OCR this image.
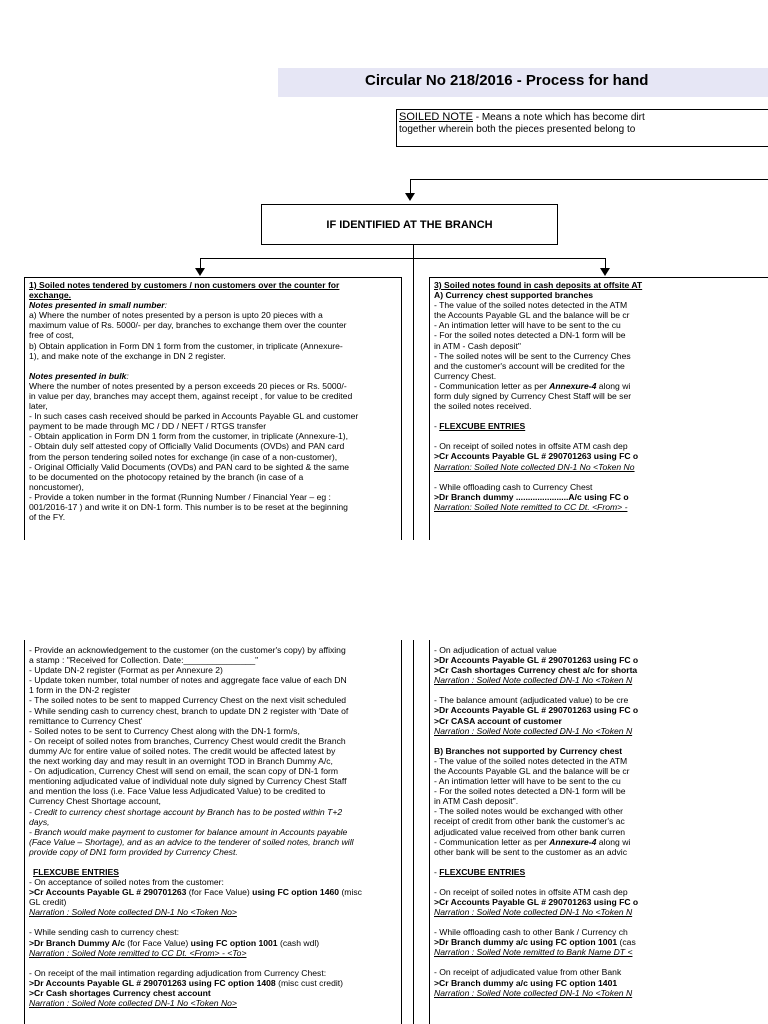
Circular No 218/2016 - Process for hand
SOILED NOTE - Means a note which has become dirt
together wherein both the pieces presented belong to
IF IDENTIFIED AT THE BRANCH

1) Soiled notes tendered by customers / non customers over the counter for

exchange.

Notes presented in small number:

a) Where the number of notes presented by a person is upto 20 pieces with a

maximum value of Rs. 5000/- per day, branches to exchange them over the counter

free of cost,

b) Obtain application in Form DN 1 form from the customer, in triplicate (Annexure-

1), and make note of the exchange in DN 2 register.

Notes presented in bulk:

Where the number of notes presented by a person exceeds 20 pieces or Rs. 5000/-

in value per day, branches may accept them, against receipt , for value to be credited

later,

- In such cases cash received should be parked in Accounts Payable GL and customer

payment to be made through MC / DD / NEFT / RTGS transfer

- Obtain application in Form DN 1 form from the customer, in triplicate (Annexure-1),

- Obtain duly self attested copy of Officially Valid Documents (OVDs) and PAN card

from the person tendering soiled notes for exchange (in case of a non-customer),

- Original Officially Valid Documents (OVDs) and PAN card to be sighted & the same

to be documented on the photocopy retained by the branch (in case of a

noncustomer),

- Provide a token number in the format (Running Number / Financial Year – eg :

001/2016-17 ) and write it on DN-1 form. This number is to be reset at the beginning

of the FY.

3) Soiled notes found in cash deposits at offsite AT

A) Currency chest supported branches

- The value of the soiled notes detected in the ATM

the Accounts Payable GL and the balance will be cr

- An intimation letter will have to be sent to the cu

- For the soiled notes detected a DN-1 form will be

in ATM - Cash deposit"

- The soiled notes will be sent to the Currency Ches

and the customer's account will be credited for the

Currency Chest.

- Communication letter as per Annexure-4 along wi

form duly signed by Currency Chest Staff will be ser

the soiled notes received.

- FLEXCUBE ENTRIES

- On receipt of soiled notes in offsite ATM cash dep

>Cr Accounts Payable GL # 290701263 using FC o

Narration: Soiled Note collected DN-1 No <Token No

- While offloading cash to Currency Chest

>Dr Branch dummy ......................A/c using FC o

Narration: Soiled Note remitted to CC Dt. <From> -

- Provide an acknowledgement to the customer (on the customer's copy) by affixing

a stamp : "Received for Collection. Date:_______________"

- Update DN-2 register (Format as per Annexure 2)

- Update token number, total number of notes and aggregate face value of each DN

1 form in the DN-2 register

- The soiled notes to be sent to mapped Currency Chest on the next visit scheduled

- While sending cash to currency chest, branch to update DN 2 register with 'Date of

remittance to Currency Chest'

- Soiled notes to be sent to Currency Chest along with the DN-1 form/s,

- On receipt of soiled notes from branches, Currency Chest would credit the Branch

dummy A/c for entire value of soiled notes. The credit would be affected latest by

the next working day and may result in an overnight TOD in Branch Dummy A/c,

- On adjudication, Currency Chest will send on email, the scan copy of DN-1 form

mentioning adjudicated value of individual note duly signed by Currency Chest Staff

and mention the loss (i.e. Face Value less Adjudicated Value) to be credited to

Currency Chest Shortage account,

- Credit to currency chest shortage account by Branch has to be posted within T+2

days,

- Branch would make payment to customer for balance amount in Accounts payable

(Face Value – Shortage), and as an advice to the tenderer of soiled notes, branch will

provide copy of DN1 form provided by Currency Chest.

FLEXCUBE ENTRIES

- On acceptance of soiled notes from the customer:

>Cr Accounts Payable GL # 290701263 (for Face Value) using FC option 1460 (misc

GL credit)

Narration : Soiled Note collected DN-1 No <Token No>

- While sending cash to currency chest:

>Dr Branch Dummy A/c (for Face Value) using FC option 1001 (cash wdl)

Narration : Soiled Note remitted to CC Dt. <From> - <To>

- On receipt of the mail intimation regarding adjudication from Currency Chest:

>Dr Accounts Payable GL # 290701263 using FC option 1408 (misc cust credit)

>Cr Cash shortages Currency chest account

Narration : Soiled Note collected DN-1 No <Token No>

- On adjudication of actual value

>Dr Accounts Payable GL # 290701263 using FC o

>Cr Cash shortages Currency chest a/c for shorta

Narration : Soiled Note collected DN-1 No <Token N

- The balance amount (adjudicated value) to be cre

>Dr Accounts Payable GL # 290701263 using FC o

>Cr CASA account of customer

Narration : Soiled Note collected DN-1 No <Token N

B) Branches not supported by Currency chest

- The value of the soiled notes detected in the ATM

the Accounts Payable GL and the balance will be cr

- An intimation letter will have to be sent to the cu

- For the soiled notes detected a DN-1 form will be

in ATM Cash deposit".

- The soiled notes would be exchanged with other

receipt of credit from other bank the customer's ac

adjudicated value received from other bank curren

- Communication letter as per Annexure-4 along wi

other bank will be sent to the customer as an advic

- FLEXCUBE ENTRIES

- On receipt of soiled notes in offsite ATM cash dep

>Cr Accounts Payable GL # 290701263 using FC o

Narration : Soiled Note collected DN-1 No <Token N

- While offloading cash to other Bank / Currency ch

>Dr Branch dummy a/c using FC option 1001 (cas

Narration : Soiled Note remitted to Bank Name DT <

- On receipt of adjudicated value from other Bank

>Cr Branch dummy a/c using FC option 1401

Narration : Soiled Note collected DN-1 No <Token N
